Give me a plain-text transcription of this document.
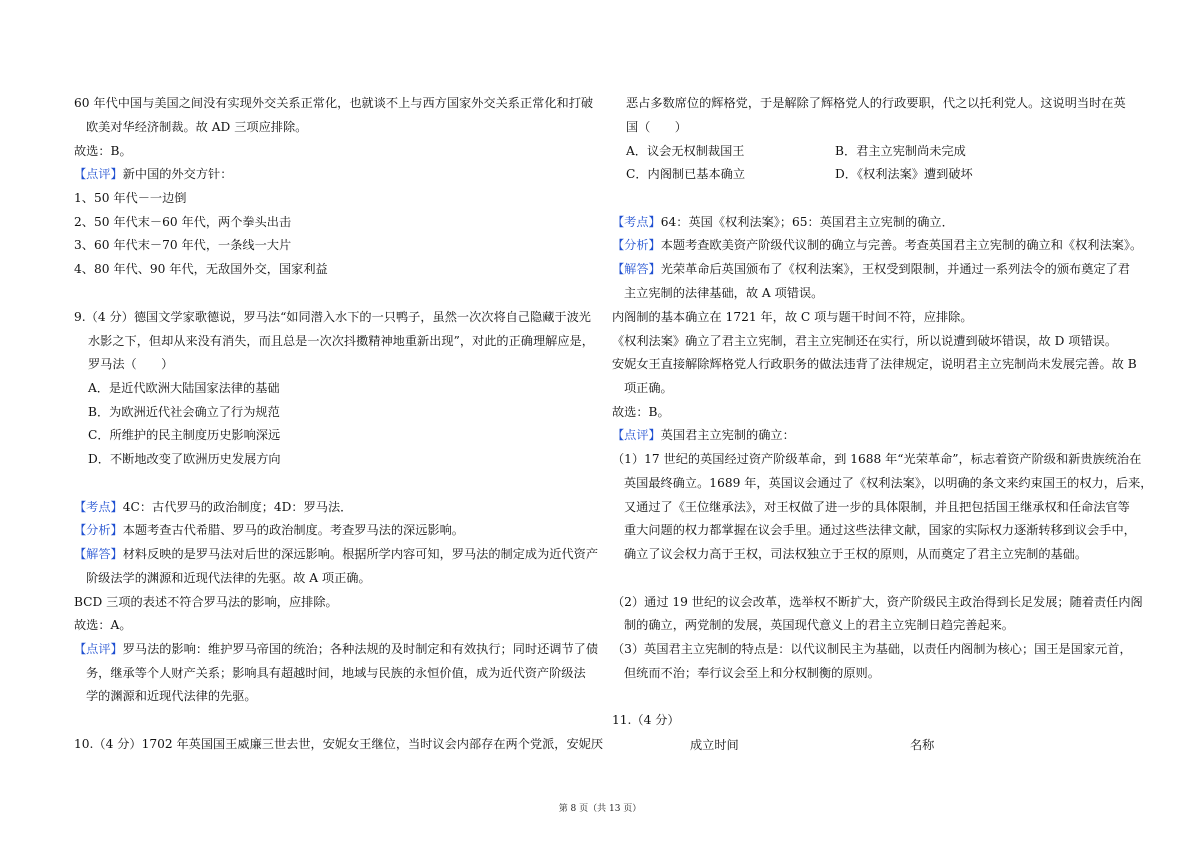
60 年代中国与美国之间没有实现外交关系正常化，也就谈不上与西方国家外交关系正常化和打破
欧美对华经济制裁。故 AD 三项应排除。
故选：B。
【点评】新中国的外交方针：
1、50 年代－一边倒
2、50 年代末－60 年代，两个拳头出击
3、60 年代末－70 年代，一条线一大片
4、80 年代、90 年代，无敌国外交，国家利益
9.（4 分）德国文学家歌德说，罗马法“如同潜入水下的一只鸭子，虽然一次次将自己隐藏于波光
水影之下，但却从来没有消失，而且总是一次次抖擞精神地重新出现”，对此的正确理解应是，
罗马法（　　）
A．是近代欧洲大陆国家法律的基础
B．为欧洲近代社会确立了行为规范
C．所维护的民主制度历史影响深远
D．不断地改变了欧洲历史发展方向
【考点】4C：古代罗马的政治制度；4D：罗马法．
【分析】本题考查古代希腊、罗马的政治制度。考查罗马法的深远影响。
【解答】材料反映的是罗马法对后世的深远影响。根据所学内容可知，罗马法的制定成为近代资产
阶级法学的渊源和近现代法律的先驱。故 A 项正确。
BCD 三项的表述不符合罗马法的影响，应排除。
故选：A。
【点评】罗马法的影响：维护罗马帝国的统治；各种法规的及时制定和有效执行；同时还调节了债
务，继承等个人财产关系；影响具有超越时间，地域与民族的永恒价值，成为近代资产阶级法
学的渊源和近现代法律的先驱。
10.（4 分）1702 年英国国王威廉三世去世，安妮女王继位，当时议会内部存在两个党派，安妮厌
恶占多数席位的辉格党，于是解除了辉格党人的行政要职，代之以托利党人。这说明当时在英
国（　　）
A．议会无权制裁国王	B．君主立宪制尚未完成
C．内阁制已基本确立	D．《权利法案》遭到破坏
【考点】64：英国《权利法案》；65：英国君主立宪制的确立．
【分析】本题考查欧美资产阶级代议制的确立与完善。考查英国君主立宪制的确立和《权利法案》。
【解答】光荣革命后英国颁布了《权利法案》，王权受到限制，并通过一系列法令的颁布奠定了君
主立宪制的法律基础，故 A 项错误。
内阁制的基本确立在 1721 年，故 C 项与题干时间不符，应排除。
《权利法案》确立了君主立宪制，君主立宪制还在实行，所以说遭到破坏错误，故 D 项错误。
安妮女王直接解除辉格党人行政职务的做法违背了法律规定，说明君主立宪制尚未发展完善。故 B
项正确。
故选：B。
【点评】英国君主立宪制的确立：
（1）17 世纪的英国经过资产阶级革命，到 1688 年“光荣革命”，标志着资产阶级和新贵族统治在
英国最终确立。1689 年，英国议会通过了《权利法案》，以明确的条文来约束国王的权力，后来，
又通过了《王位继承法》，对王权做了进一步的具体限制，并且把包括国王继承权和任命法官等
重大问题的权力都掌握在议会手里。通过这些法律文献，国家的实际权力逐渐转移到议会手中，
确立了议会权力高于王权，司法权独立于王权的原则，从而奠定了君主立宪制的基础。
（2）通过 19 世纪的议会改革，选举权不断扩大，资产阶级民主政治得到长足发展；随着责任内阁
制的确立，两党制的发展，英国现代意义上的君主立宪制日趋完善起来。
（3）英国君主立宪制的特点是：以代议制民主为基础，以责任内阁制为核心；国王是国家元首，
但统而不治；奉行议会至上和分权制衡的原则。
11.（4 分）
成立时间	名称
第 8 页（共 13 页）
